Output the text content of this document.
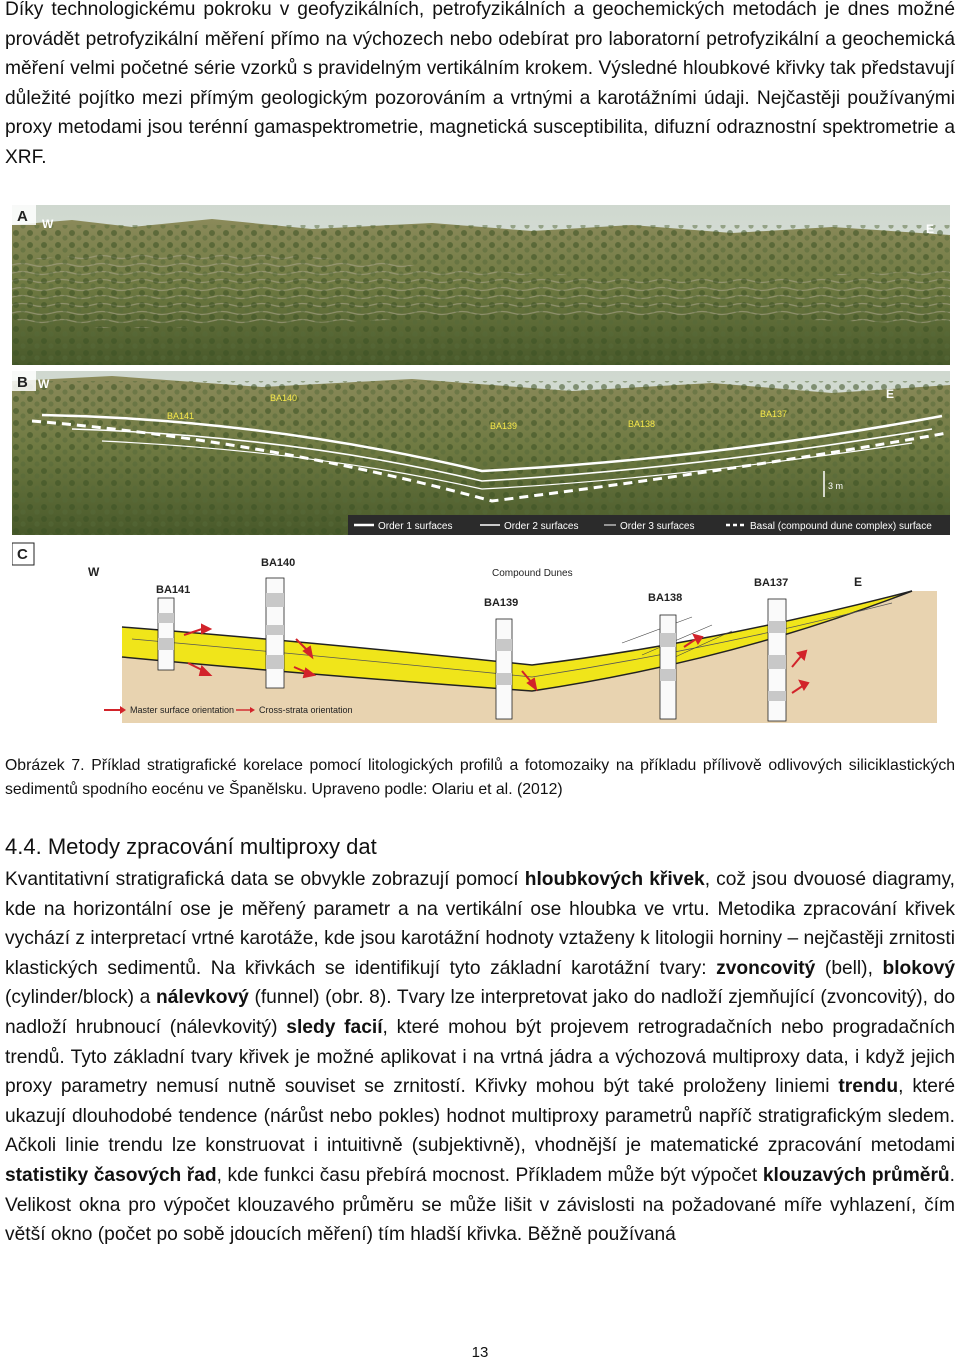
Díky technologickému pokroku v geofyzikálních, petrofyzikálních a geochemických metodách je dnes možné provádět petrofyzikální měření přímo na výchozech nebo odebírat pro laboratorní petrofyzikální a geochemická měření velmi početné série vzorků s pravidelným vertikálním krokem. Výsledné hloubkové křivky tak představují důležité pojítko mezi přímým geologickým pozorováním a vrtnými a karotážními údaji. Nejčastěji používanými proxy metodami jsou terénní gamaspektrometrie, magnetická susceptibilita, difuzní odraznostní spektrometrie a XRF.
A W	E
B W
E
BA141
BA140
BA139	BA138
BA137
3 m
Order 1 surfaces	Order 2 surfaces	Order 3 surfaces	Basal (compound dune complex) surface
C
W
E
BA141
BA140
Compound Dunes
BA139	BA138
BA137
Master surface orientation	Cross-strata orientation
Obrázek 7. Příklad stratigrafické korelace pomocí litologických profilů a fotomozaiky na příkladu přílivově odlivových siliciklastických sedimentů spodního eocénu ve Španělsku. Upraveno podle: Olariu et al. (2012)
4.4. Metody zpracování multiproxy dat
Kvantitativní stratigrafická data se obvykle zobrazují pomocí hloubkových křivek, což jsou dvouosé diagramy, kde na horizontální ose je měřený parametr a na vertikální ose hloubka ve vrtu. Metodika zpracování křivek vychází z interpretací vrtné karotáže, kde jsou karotážní hodnoty vztaženy k litologii horniny – nejčastěji zrnitosti klastických sedimentů. Na křivkách se identifikují tyto základní karotážní tvary: zvoncovitý (bell), blokový (cylinder/block) a nálevkový (funnel) (obr. 8). Tvary lze interpretovat jako do nadloží zjemňující (zvoncovitý), do nadloží hrubnoucí (nálevkovitý) sledy facií, které mohou být projevem retrogradačních nebo progradačních trendů. Tyto základní tvary křivek je možné aplikovat i na vrtná jádra a výchozová multiproxy data, i když jejich proxy parametry nemusí nutně souviset se zrnitostí. Křivky mohou být také proloženy liniemi trendu, které ukazují dlouhodobé tendence (nárůst nebo pokles) hodnot multiproxy parametrů napříč stratigrafickým sledem. Ačkoli linie trendu lze konstruovat i intuitivně (subjektivně), vhodnější je matematické zpracování metodami statistiky časových řad, kde funkci času přebírá mocnost. Příkladem může být výpočet klouzavých průměrů. Velikost okna pro výpočet klouzavého průměru se může lišit v závislosti na požadované míře vyhlazení, čím větší okno (počet po sobě jdoucích měření) tím hladší křivka. Běžně používaná
13
